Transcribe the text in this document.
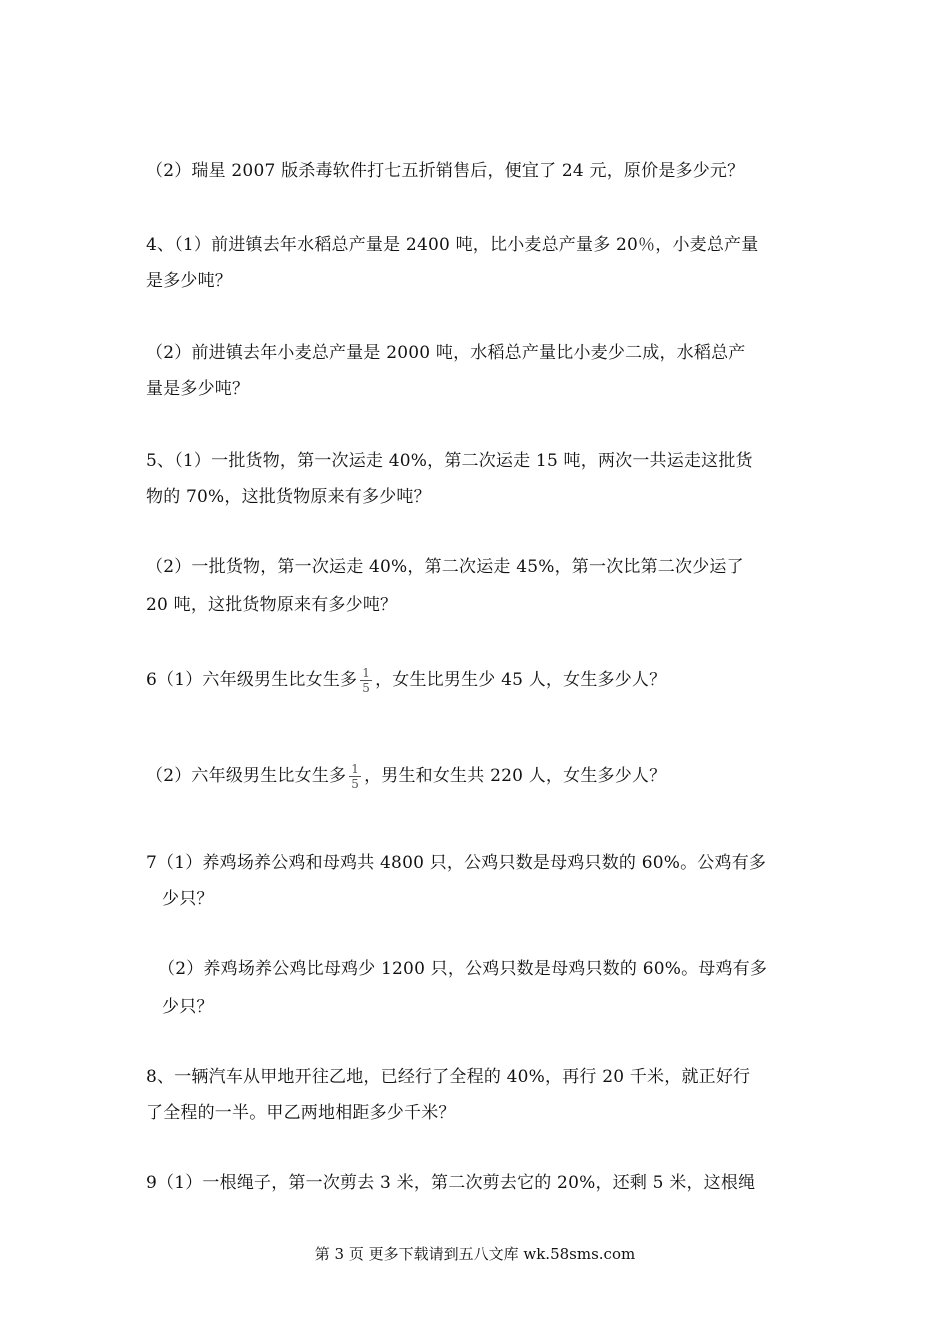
（2）瑞星 2007 版杀毒软件打七五折销售后，便宜了 24 元，原价是多少元？
4、（1）前进镇去年水稻总产量是 2400 吨，比小麦总产量多 20％，小麦总产量
是多少吨？
（2）前进镇去年小麦总产量是 2000 吨，水稻总产量比小麦少二成，水稻总产
量是多少吨？
5、（1）一批货物，第一次运走 40%，第二次运走 15 吨，两次一共运走这批货
物的 70%，这批货物原来有多少吨？
（2）一批货物，第一次运走 40%，第二次运走 45%，第一次比第二次少运了
20 吨，这批货物原来有多少吨？
6（1）六年级男生比女生多 $\frac{1}{5}$ ，女生比男生少 45 人，女生多少人？
（2）六年级男生比女生多 $\frac{1}{5}$ ，男生和女生共 220 人，女生多少人？
7（1）养鸡场养公鸡和母鸡共 4800 只，公鸡只数是母鸡只数的 60%。公鸡有多
少只？
（2）养鸡场养公鸡比母鸡少 1200 只，公鸡只数是母鸡只数的 60%。母鸡有多
少只？
8、一辆汽车从甲地开往乙地，已经行了全程的 40%，再行 20 千米，就正好行
了全程的一半。甲乙两地相距多少千米？
9（1）一根绳子，第一次剪去 3 米，第二次剪去它的 20%，还剩 5 米，这根绳
第 3 页 更多下载请到五八文库 wk.58sms.com
